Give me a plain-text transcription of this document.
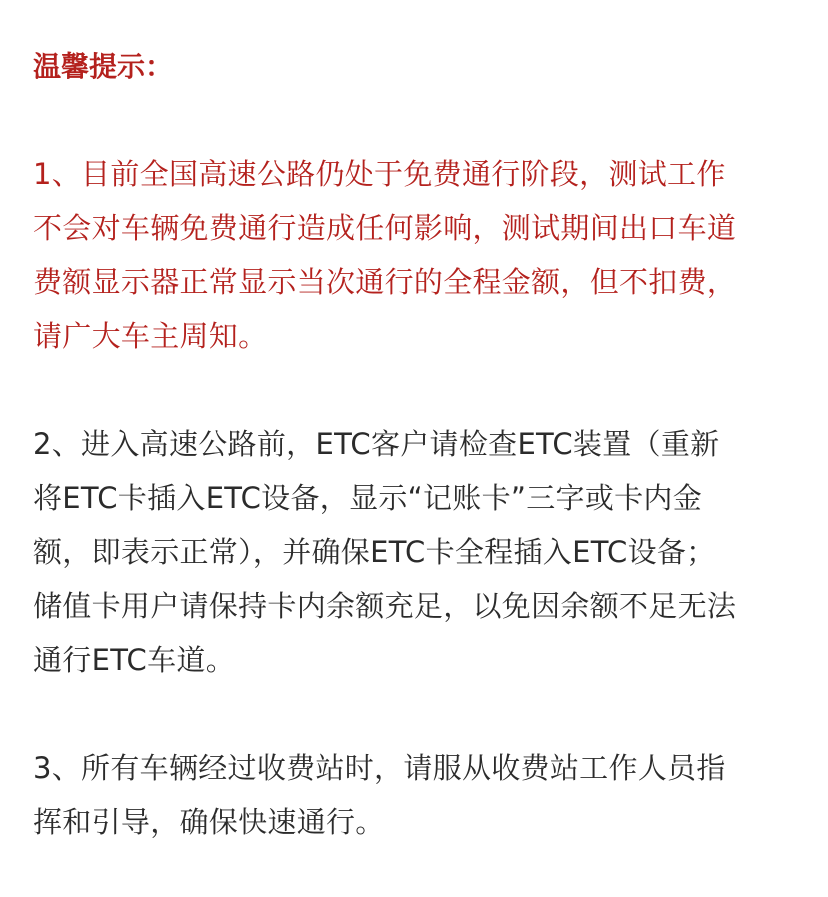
温馨提示：
1、目前全国高速公路仍处于免费通行阶段，测试工作
不会对车辆免费通行造成任何影响，测试期间出口车道
费额显示器正常显示当次通行的全程金额，但不扣费，
请广大车主周知。
2、进入高速公路前，ETC客户请检查ETC装置（重新
将ETC卡插入ETC设备，显示“记账卡”三字或卡内金
额，即表示正常），并确保ETC卡全程插入ETC设备；
储值卡用户请保持卡内余额充足，以免因余额不足无法
通行ETC车道。
3、所有车辆经过收费站时，请服从收费站工作人员指
挥和引导，确保快速通行。
